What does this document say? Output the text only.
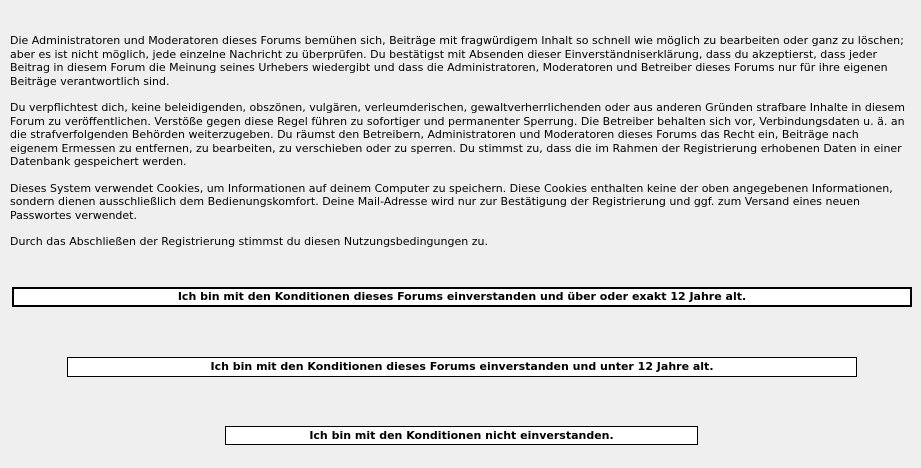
Die Administratoren und Moderatoren dieses Forums bemühen sich, Beiträge mit fragwürdigem Inhalt so schnell wie möglich zu bearbeiten oder ganz zu löschen; aber es ist nicht möglich, jede einzelne Nachricht zu überprüfen. Du bestätigst mit Absenden dieser Einverständniserklärung, dass du akzeptierst, dass jeder Beitrag in diesem Forum die Meinung seines Urhebers wiedergibt und dass die Administratoren, Moderatoren und Betreiber dieses Forums nur für ihre eigenen Beiträge verantwortlich sind.

Du verpflichtest dich, keine beleidigenden, obszönen, vulgären, verleumderischen, gewaltverherrlichenden oder aus anderen Gründen strafbare Inhalte in diesem Forum zu veröffentlichen. Verstöße gegen diese Regel führen zu sofortiger und permanenter Sperrung. Die Betreiber behalten sich vor, Verbindungsdaten u. ä. an die strafverfolgenden Behörden weiterzugeben. Du räumst den Betreibern, Administratoren und Moderatoren dieses Forums das Recht ein, Beiträge nach eigenem Ermessen zu entfernen, zu bearbeiten, zu verschieben oder zu sperren. Du stimmst zu, dass die im Rahmen der Registrierung erhobenen Daten in einer Datenbank gespeichert werden.

Dieses System verwendet Cookies, um Informationen auf deinem Computer zu speichern. Diese Cookies enthalten keine der oben angegebenen Informationen, sondern dienen ausschließlich dem Bedienungskomfort. Deine Mail-Adresse wird nur zur Bestätigung der Registrierung und ggf. zum Versand eines neuen Passwortes verwendet.

Durch das Abschließen der Registrierung stimmst du diesen Nutzungsbedingungen zu.

Ich bin mit den Konditionen dieses Forums einverstanden und über oder exakt 12 Jahre alt.
Ich bin mit den Konditionen dieses Forums einverstanden und unter 12 Jahre alt.
Ich bin mit den Konditionen nicht einverstanden.
